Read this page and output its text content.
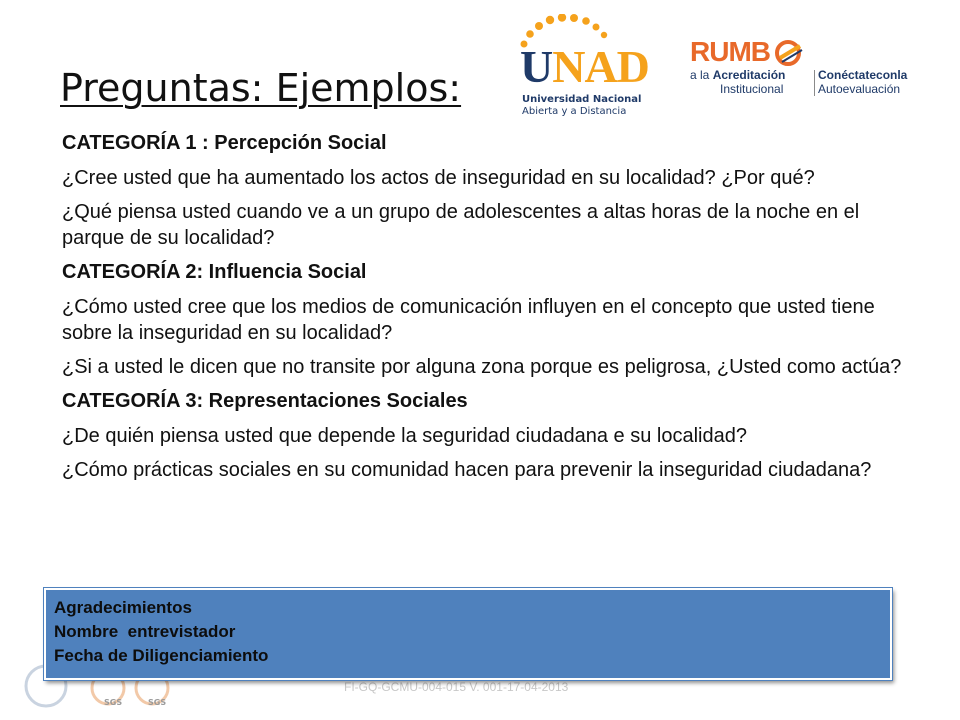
Preguntas: Ejemplos: UNAD
Universidad Nacional
Abierta y a Distancia
RUMB
a la Acreditación
Institucional
Conéctateconla
Autoevaluación
CATEGORÍA 1 : Percepción Social
¿Cree usted que ha aumentado los actos de inseguridad en su localidad? ¿Por qué?
¿Qué piensa usted cuando ve a un grupo de adolescentes a altas horas de la noche en el parque de su localidad?
CATEGORÍA 2: Influencia Social
¿Cómo usted cree que los medios de comunicación influyen en el concepto que usted tiene sobre la inseguridad en su localidad?
¿Si a usted le dicen que no transite por alguna zona porque es peligrosa, ¿Usted como actúa?
CATEGORÍA 3: Representaciones Sociales
¿De quién piensa usted que depende la seguridad ciudadana e su localidad?
¿Cómo prácticas sociales en su comunidad hacen para prevenir la inseguridad ciudadana?
SGS	SGS
FI-GQ-GCMU-004-015 V. 001-17-04-2013
Agradecimientos
Nombre  entrevistador
Fecha de Diligenciamiento
